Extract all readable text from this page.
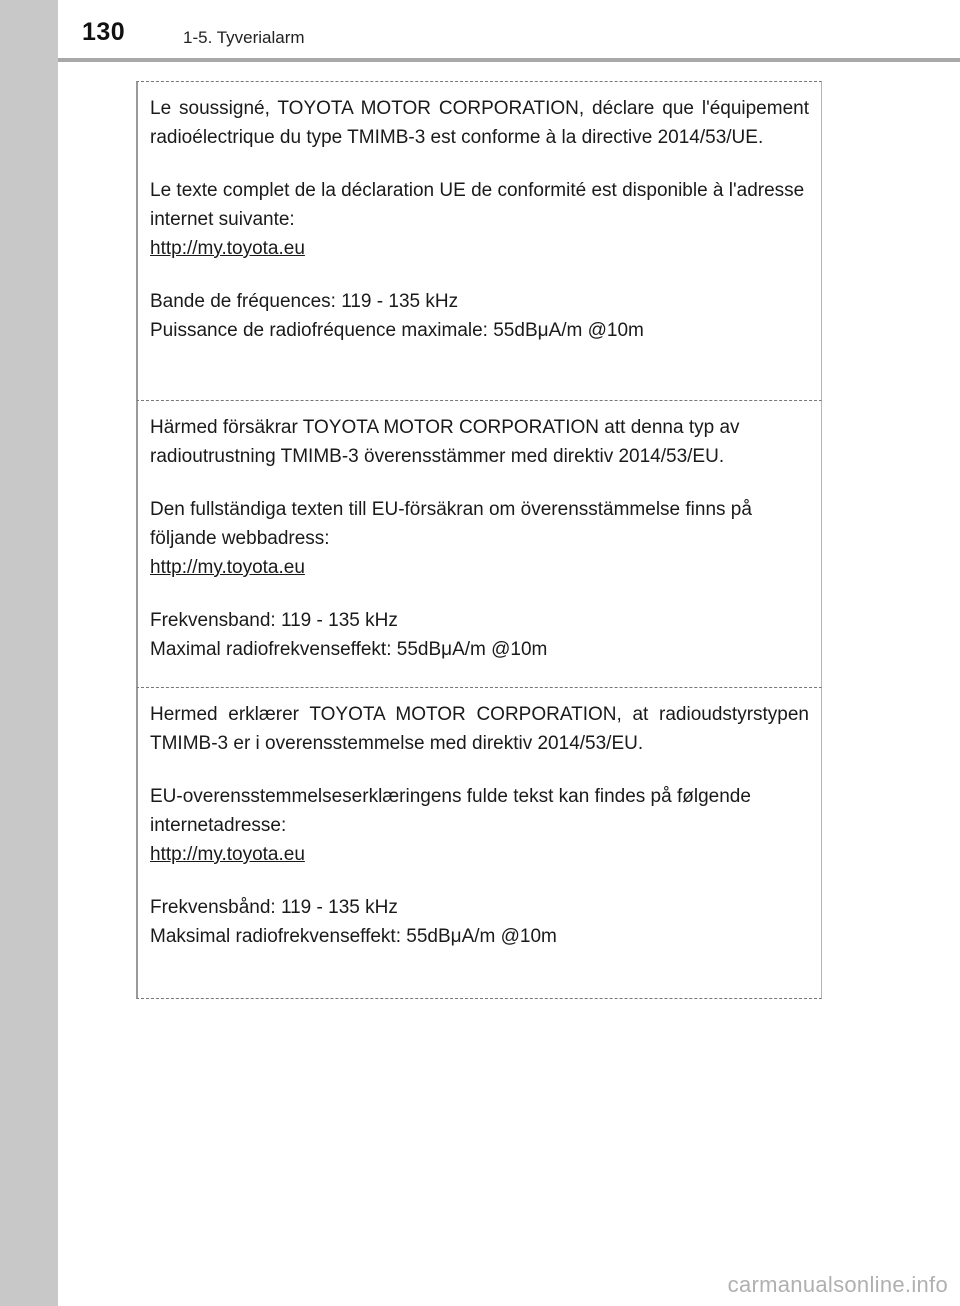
130	1-5. Tyverialarm

Le soussigné, TOYOTA MOTOR CORPORATION, déclare que l'équipement radioélectrique du type TMIMB-3 est conforme à la directive 2014/53/UE.

Le texte complet de la déclaration UE de conformité est disponible à l'adresse internet suivante:

http://my.toyota.eu

Bande de fréquences: 119 - 135 kHz

Puissance de radiofréquence maximale: 55dBμA/m @10m

Härmed försäkrar TOYOTA MOTOR CORPORATION att denna typ av radioutrustning TMIMB-3 överensstämmer med direktiv 2014/53/EU.

Den fullständiga texten till EU-försäkran om överensstämmelse finns på följande webbadress:

http://my.toyota.eu

Frekvensband: 119 - 135 kHz

Maximal radiofrekvenseffekt: 55dBμA/m @10m

Hermed erklærer TOYOTA MOTOR CORPORATION, at radioudstyrstypen TMIMB-3 er i overensstemmelse med direktiv 2014/53/EU.

EU-overensstemmelseserklæringens fulde tekst kan findes på følgende internetadresse:

http://my.toyota.eu

Frekvensbånd: 119 - 135 kHz

Maksimal radiofrekvenseffekt: 55dBμA/m @10m

carmanualsonline.info
